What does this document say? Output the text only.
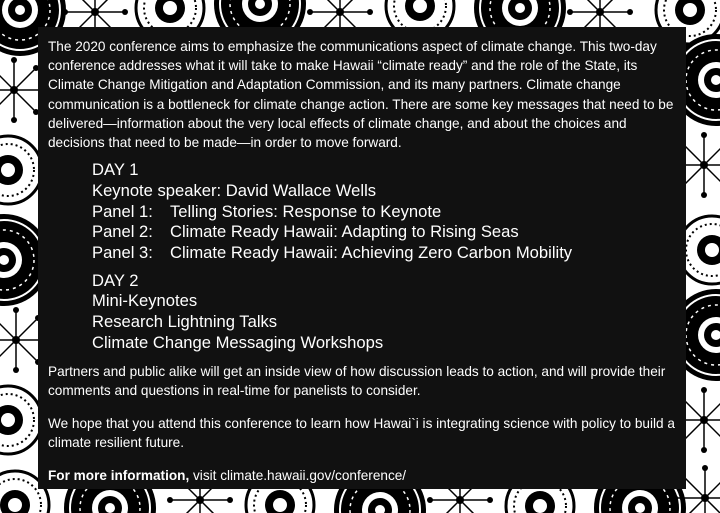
The 2020 conference aims to emphasize the communications aspect of climate change. This two-day conference addresses what it will take to make Hawaii “climate ready” and the role of the State, its Climate Change Mitigation and Adaptation Commission, and its many partners. Climate change communication is a bottleneck for climate change action. There are some key messages that need to be delivered—information about the very local effects of climate change, and about the choices and decisions that need to be made—in order to move forward.

DAY 1
Keynote speaker: David Wallace Wells
Panel 1: Telling Stories: Response to Keynote
Panel 2: Climate Ready Hawaii: Adapting to Rising Seas
Panel 3: Climate Ready Hawaii: Achieving Zero Carbon Mobility
DAY 2
Mini-Keynotes
Research Lightning Talks
Climate Change Messaging Workshops

Partners and public alike will get an inside view of how discussion leads to action, and will provide their comments and questions in real-time for panelists to consider.

We hope that you attend this conference to learn how Hawai`i is integrating science with policy to build a climate resilient future.

For more information, visit climate.hawaii.gov/conference/
